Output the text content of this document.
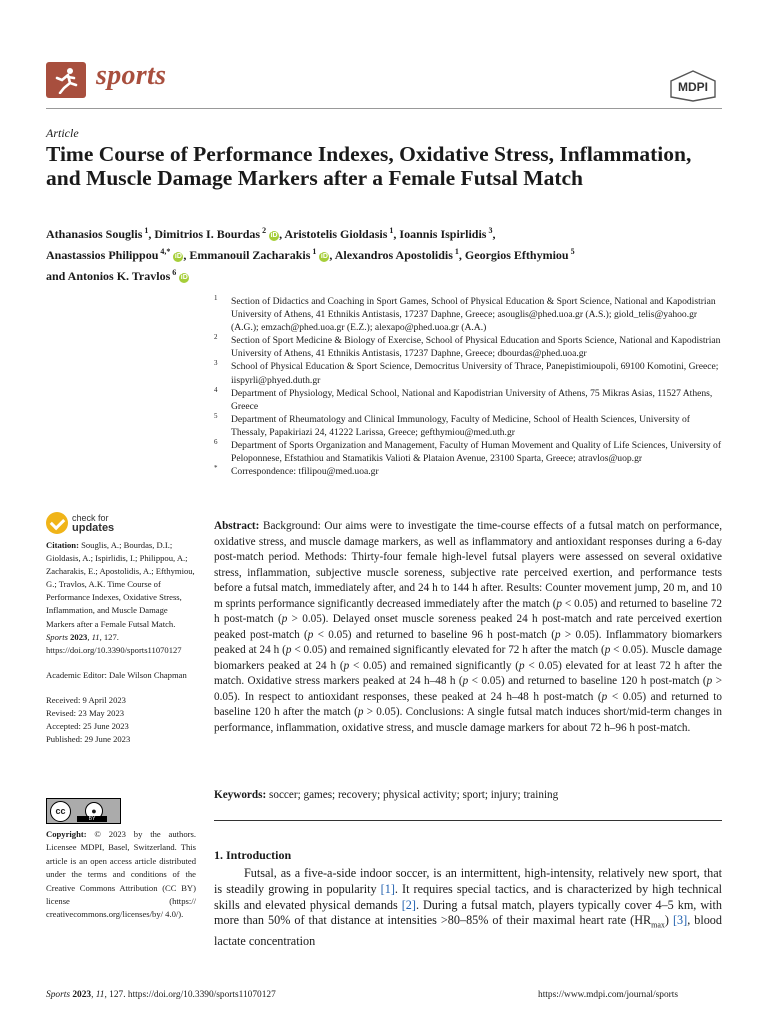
sports	MDPI
Article
Time Course of Performance Indexes, Oxidative Stress, Inflammation, and Muscle Damage Markers after a Female Futsal Match
Athanasios Souglis $^1$, Dimitrios I. Bourdas $^2$ iD , Aristotelis Gioldasis $^1$, Ioannis Ispirlidis $^3$,
Anastassios Philippou $^{4,*}$ iD , Emmanouil Zacharakis $^1$ iD , Alexandros Apostolidis $^1$, Georgios Efthymiou $^5$
and Antonios K. Travlos $^6$ iD
1 Section of Didactics and Coaching in Sport Games, School of Physical Education & Sport Science, National and Kapodistrian University of Athens, 41 Ethnikis Antistasis, 17237 Daphne, Greece; asouglis@phed.uoa.gr (A.S.); giold_telis@yahoo.gr (A.G.); emzach@phed.uoa.gr (E.Z.); alexapo@phed.uoa.gr (A.A.)
2 Section of Sport Medicine & Biology of Exercise, School of Physical Education and Sports Science, National and Kapodistrian University of Athens, 41 Ethnikis Antistasis, 17237 Daphne, Greece; dbourdas@phed.uoa.gr
3 School of Physical Education & Sport Science, Democritus University of Thrace, Panepistimioupoli, 69100 Komotini, Greece; iispyrli@phyed.duth.gr
4 Department of Physiology, Medical School, National and Kapodistrian University of Athens, 75 Mikras Asias, 11527 Athens, Greece
5 Department of Rheumatology and Clinical Immunology, Faculty of Medicine, School of Health Sciences, University of Thessaly, Papakiriazi 24, 41222 Larissa, Greece; gefthymiou@med.uth.gr
6 Department of Sports Organization and Management, Faculty of Human Movement and Quality of Life Sciences, University of Peloponnese, Efstathiou and Stamatikis Valioti & Plataion Avenue, 23100 Sparta, Greece; atravlos@uop.gr
* Correspondence: tfilipou@med.uoa.gr
check for
updates
Citation: Souglis, A.; Bourdas, D.I.; Gioldasis, A.; Ispirlidis, I.; Philippou, A.; Zacharakis, E.; Apostolidis, A.; Efthymiou, G.; Travlos, A.K. Time Course of Performance Indexes, Oxidative Stress, Inflammation, and Muscle Damage Markers after a Female Futsal Match. Sports 2023, 11, 127. https://doi.org/10.3390/sports11070127
Academic Editor: Dale Wilson Chapman
Received: 9 April 2023
Revised: 23 May 2023
Accepted: 25 June 2023
Published: 29 June 2023
cc	●
BY
Copyright: © 2023 by the authors. Licensee MDPI, Basel, Switzerland. This article is an open access article distributed under the terms and conditions of the Creative Commons Attribution (CC BY) license (https:// creativecommons.org/licenses/by/ 4.0/).
Abstract: Background: Our aims were to investigate the time-course effects of a futsal match on performance, oxidative stress, and muscle damage markers, as well as inflammatory and antioxidant responses during a 6-day post-match period. Methods: Thirty-four female high-level futsal players were assessed on several oxidative stress, inflammation, subjective muscle soreness, subjective rate perceived exertion, and performance tests before a futsal match, immediately after, and 24 h to 144 h after. Results: Counter movement jump, 20 m, and 10 m sprints performance significantly decreased immediately after the match (p < 0.05) and returned to baseline 72 h post-match (p > 0.05). Delayed onset muscle soreness peaked 24 h post-match and rate perceived exertion peaked post-match (p < 0.05) and returned to baseline 96 h post-match (p > 0.05). Inflammatory biomarkers peaked at 24 h (p < 0.05) and remained significantly elevated for 72 h after the match (p < 0.05). Muscle damage biomarkers peaked at 24 h (p < 0.05) and remained significantly (p < 0.05) elevated for at least 72 h after the match. Oxidative stress markers peaked at 24 h–48 h (p < 0.05) and returned to baseline 120 h post-match (p > 0.05). In respect to antioxidant responses, these peaked at 24 h–48 h post-match (p < 0.05) and returned to baseline 120 h after the match (p > 0.05). Conclusions: A single futsal match induces short/mid-term changes in performance, inflammation, oxidative stress, and muscle damage markers for about 72 h–96 h post-match.
Keywords: soccer; games; recovery; physical activity; sport; injury; training
1. Introduction
Futsal, as a five-a-side indoor soccer, is an intermittent, high-intensity, relatively new sport, that is steadily growing in popularity [1]. It requires special tactics, and is characterized by high technical skills and elevated physical demands [2]. During a futsal match, players typically cover 4–5 km, with more than 50% of that distance at intensities >80–85% of their maximal heart rate $(HR_{max})$ [3], blood lactate concentration
Sports 2023, 11, 127. https://doi.org/10.3390/sports11070127	https://www.mdpi.com/journal/sports
